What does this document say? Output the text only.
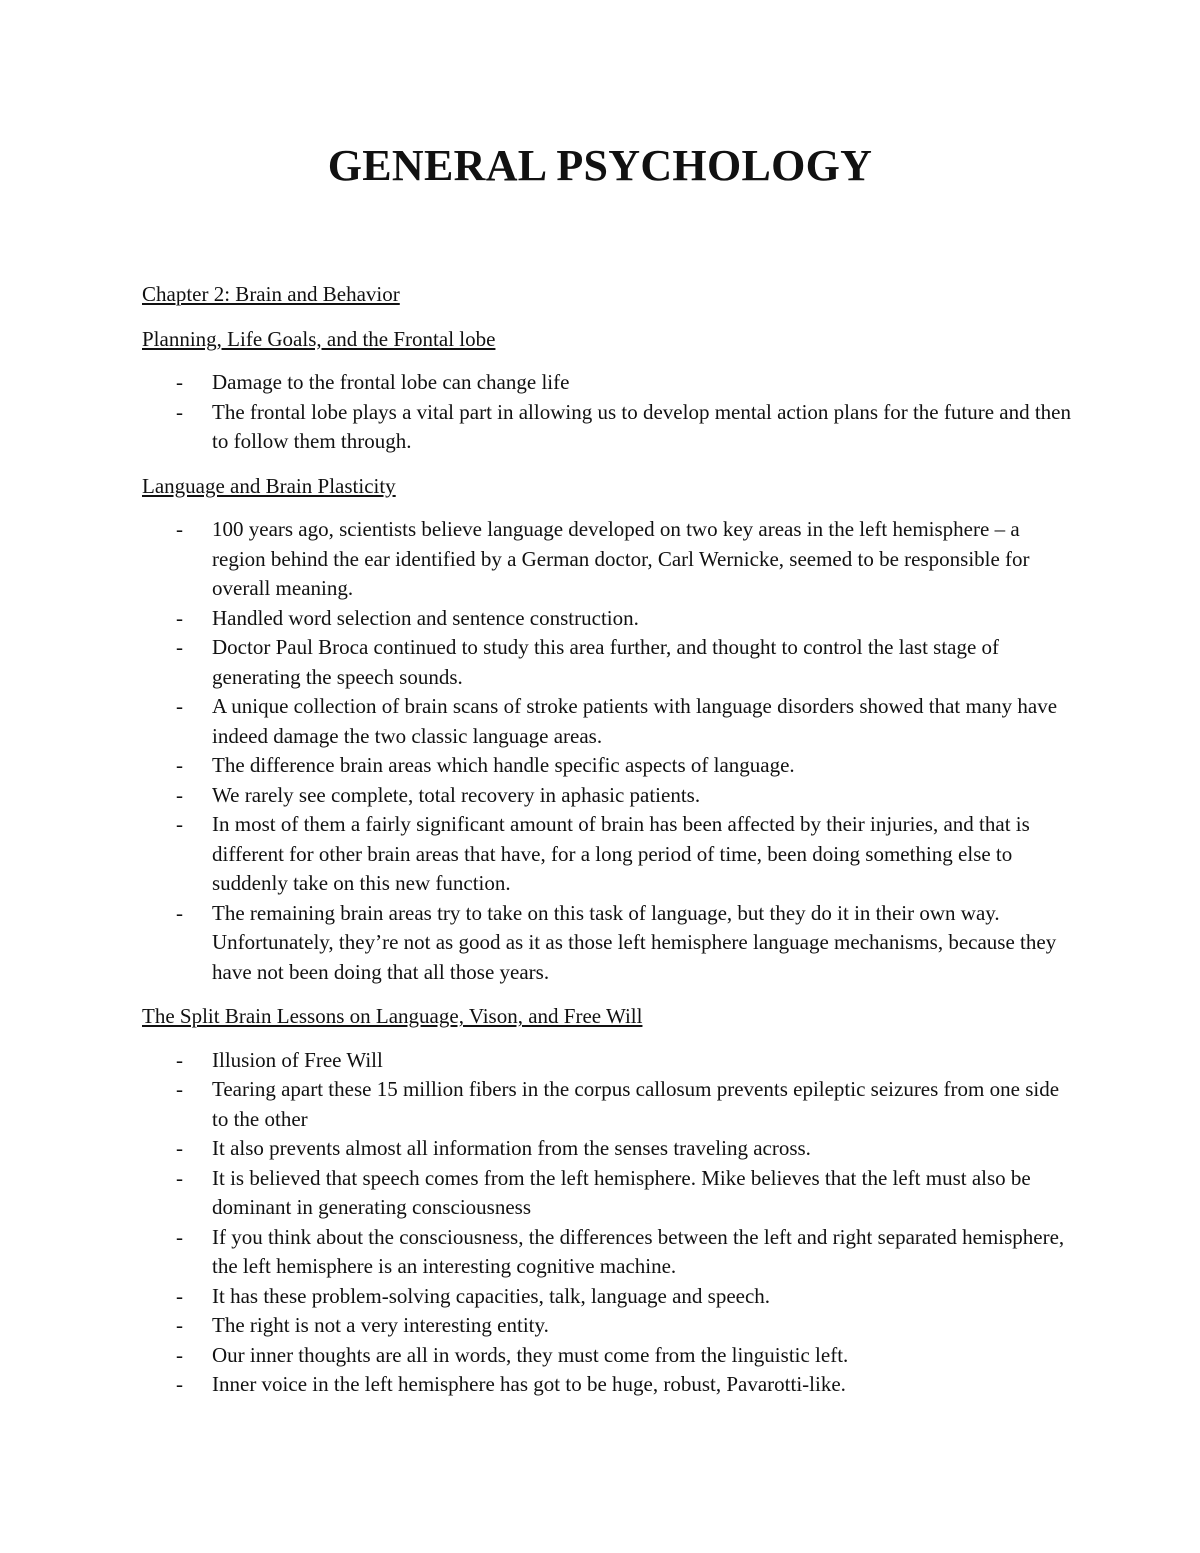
GENERAL PSYCHOLOGY
Chapter 2: Brain and Behavior
Planning, Life Goals, and the Frontal lobe
- Damage to the frontal lobe can change life
- The frontal lobe plays a vital part in allowing us to develop mental action plans for the future and then to follow them through.
Language and Brain Plasticity
- 100 years ago, scientists believe language developed on two key areas in the left hemisphere – a region behind the ear identified by a German doctor, Carl Wernicke, seemed to be responsible for overall meaning.
- Handled word selection and sentence construction.
- Doctor Paul Broca continued to study this area further, and thought to control the last stage of generating the speech sounds.
- A unique collection of brain scans of stroke patients with language disorders showed that many have indeed damage the two classic language areas.
- The difference brain areas which handle specific aspects of language.
- We rarely see complete, total recovery in aphasic patients.
- In most of them a fairly significant amount of brain has been affected by their injuries, and that is different for other brain areas that have, for a long period of time, been doing something else to suddenly take on this new function.
- The remaining brain areas try to take on this task of language, but they do it in their own way. Unfortunately, they’re not as good as it as those left hemisphere language mechanisms, because they have not been doing that all those years.
The Split Brain Lessons on Language, Vison, and Free Will
- Illusion of Free Will
- Tearing apart these 15 million fibers in the corpus callosum prevents epileptic seizures from one side to the other
- It also prevents almost all information from the senses traveling across.
- It is believed that speech comes from the left hemisphere. Mike believes that the left must also be dominant in generating consciousness
- If you think about the consciousness, the differences between the left and right separated hemisphere, the left hemisphere is an interesting cognitive machine.
- It has these problem-solving capacities, talk, language and speech.
- The right is not a very interesting entity.
- Our inner thoughts are all in words, they must come from the linguistic left.
- Inner voice in the left hemisphere has got to be huge, robust, Pavarotti-like.
